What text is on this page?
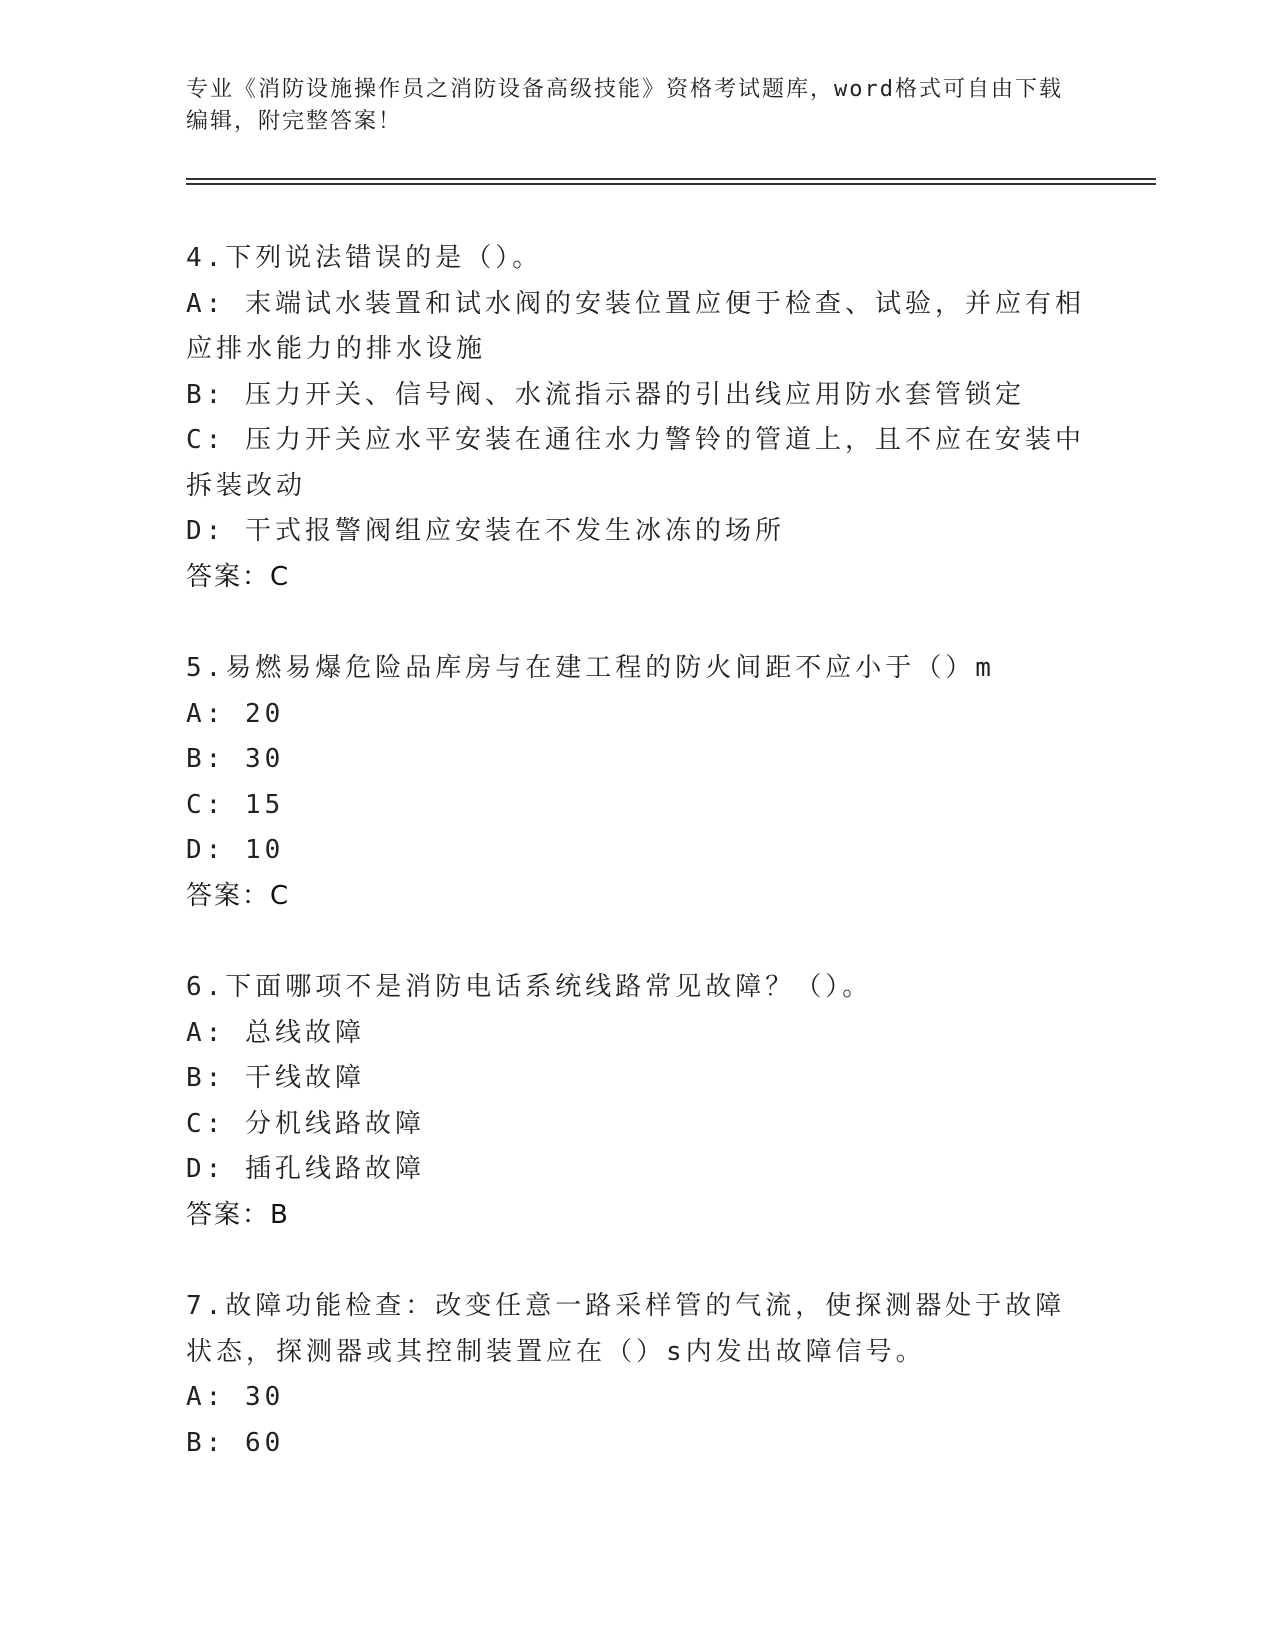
专业《消防设施操作员之消防设备高级技能》资格考试题库，word格式可自由下载编辑，附完整答案！
4.下列说法错误的是（）。
A: 末端试水装置和试水阀的安装位置应便于检查、试验，并应有相应排水能力的排水设施
B: 压力开关、信号阀、水流指示器的引出线应用防水套管锁定
C: 压力开关应水平安装在通往水力警铃的管道上，且不应在安装中拆装改动
D: 干式报警阀组应安装在不发生冰冻的场所
答案：C
5.易燃易爆危险品库房与在建工程的防火间距不应小于（）m
A: 20
B: 30
C: 15
D: 10
答案：C
6.下面哪项不是消防电话系统线路常见故障？（）。
A: 总线故障
B: 干线故障
C: 分机线路故障
D: 插孔线路故障
答案：B
7.故障功能检查：改变任意一路采样管的气流，使探测器处于故障状态，探测器或其控制装置应在（）s内发出故障信号。
A: 30
B: 60
